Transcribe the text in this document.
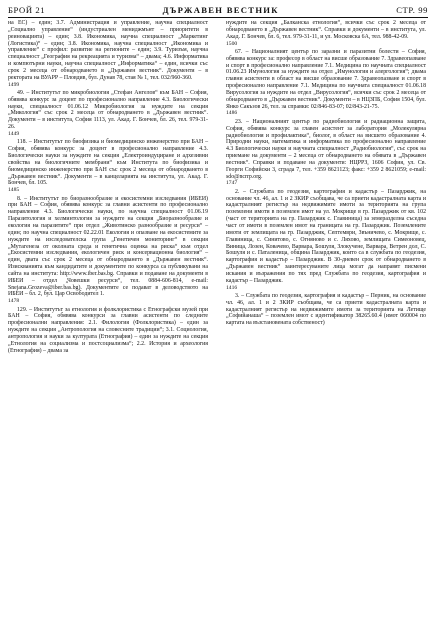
БРОЙ 21	ДЪРЖАВЕН ВЕСТНИК	СТР. 99

на ЕС) – един; 3.7. Администрация и управление, научна специалност „Социално управление“ (индустриален мениджмънт – приоритети в реиновацията) – един; 3.8. Икономика, научна специалност „Маркетинг (Логистика)“ – един; 3.8. Икономика, научна специалност „Икономика и управление“ с профил: развитие на регионите – един; 3.9. Туризъм, научна специалност „География на рекреацията и туризма“ – двама; 4.6. Информатика и компютърни науки, научна специалност „Информатика“ – един, всички със срок 2 месеца от обнародването в „Държавен вестник“. Документи – в ректората на ВУАРР – Пловдив, бул. Дунав 78, стая № 1, тел. 032/960-360.

1499

49. – Институтът по микробиология „Стефан Ангелов“ към БАН – София, обявява конкурс за доцент по професионално направление 4.3. Биологически науки, специалност 01.06.12 Микробиология за нуждите на секция „Микология“ със срок 2 месеца от обнародването в „Държавен вестник“. Документи – в института, София 1113, ул. Акад. Г. Бончев, бл. 26, тел. 979-31-26.

1449

118. – Институтът по биофизика и биомедицинско инженерство при БАН – София, обявява конкурс за доцент в професионално направление 4.3. Биологически науки за нуждите на секция „Електроиндуциране и адхезивни свойства на биологичните мембрани“ към Института по биофизика и биомедицинско инженерство при БАН със срок 2 месеца от обнародването в „Държавен вестник“. Документи – в канцеларията на института, ул. Акад. Г. Бончев, бл. 105.

1485

8. – Институтът по биоразнообразие и екосистемни изследвания (ИБЕИ) при БАН – София, обявява конкурс за главни асистенти по професионално направление 4.3. Биологически науки, по научна специалност 01.06.19 Паразитология и хелминтология за нуждите на секция „Биоразнообразие и екология на паразитите“ при отдел „Животинско разнообразие и ресурси“ – един; по научна специалност 02.22.01 Екология и опазване на екосистемите за нуждите на изследователска група „Генетичен мониторинг“ в секция „Мутагенеза от околната среда и генетична оценка на риска“ към отдел „Екосистемни изследвания, екологичен риск и консервационна биология“ – един, двата със срок 2 месеца от обнародването в „Държавен вестник“. Изискванията към кандидатите и документите по конкурса са публикувани на сайта на института: http://www.iber.bas.bg. Справки и подаване на документи в ИБЕИ – отдел „Човешки ресурси“, тел. 0884-606-814, e-mail: Snejana.Grozeva@iber.bas.bg). Документите се подават в деловодството на ИБЕИ – бл. 2, бул. Цар Освободител 1.

1478

129. – Институтът за етнология и фолклористика с Етнографски музей при БАН – София, обявява конкурси за главни асистенти по следните професионални направления: 2.1. Филология (Фолклористика) – един за нуждите на секция „Антропология на словесните традиции“; 3.1. Социология, антропология и науки за културата (Етнография) – един за нуждите на секция „Етнология на социализма и постсоциализма“; 2.2. История и археология (Етнография) – двама за

нуждите на секция „Балканска етнология“, всички със срок 2 месеца от обнародването в „Държавен вестник“. Справки и документи – в института, ул. Акад. Г. Бончев, бл. 6, тел. 979-31-11, и ул. Московска 6А, тел. 988-42-09.

1500

67. – Националният център по заразни и паразитни болести – София, обявява конкурс за: професор в област на висше образование 7. Здравеопазване и спорт в професионално направление 7.1. Медицина по научната специалност 01.06.23 Имунология за нуждите на отдел „Имунология и алергология“; двама главни асистенти в област на висше образование 7. Здравеопазване и спорт в професионално направление 7.1. Медицина по научната специалност 01.06.18 Вирусология за нуждите на отдел „Вирусология“, всички със срок 2 месеца от обнародването в „Държавен вестник“. Документи – в НЦЗПБ, София 1504, бул. Янко Сакъзов 26, тел. за справки: 02/846-83-07; 02/843-21-75.

1486

23. – Националният център по радиобиология и радиационна защита, София, обявява конкурс за главен асистент за лаборатория „Молекулярна радиобиология и профилактика“, биолог, в област на висшето образование 4. Природни науки, математика и информатика по професионално направление 4.3 Биологически науки и научната специалност „Радиобиология“, със срок на приемане на документи – 2 месеца от обнародването на обявата в „Държавен вестник“. Справки и подаване на документи: НЦРРЗ, 1606 София, ул. Св. Георги Софийски 3, сграда 7, тел. +359 8621123; факс: +359 2 8621059; e-mail: sdo@ncrrp.org.

1747

2. – Службата по геодезия, картография и кадастър – Пазарджик, на основание чл. 46, ал. 1 и 2 ЗКИР съобщава, че са приети кадастралната карта и кадастралният регистър на недвижимите имоти за територията на група поземлени имоти в поземлен имот на ул. Мокрище в гр. Пазарджик от кв. 102 (част от територията на гр. Пазарджик с. Главиница) за земеразделна съседна част от имоти в поземлен имот на границата на гр. Пазарджик. Поземлените имоти от землищата на гр. Пазарджик, Септември, Звъничево, с. Мокрище, с. Главиница, с. Синитово, с. Огняново и с. Ляхово, землищата Симеоновец, Виница, Лозен, Ковачево, Варвара, Бошуля, Злокучене, Варвара, Ветрен дол, С. Бошуля и с. Паталеница, община Пазарджик, които са в службата по геодезия, картография и кадастър – Пазарджик. В 30-дневен срок от обнародването в „Държавен вестник“ заинтересуваните лица могат да направят писмени искания и възражения по тях пред Службата по геодезия, картография и кадастър – Пазарджик.

1416

3. – Службата по геодезия, картография и кадастър – Перник, на основание чл. 46, ал. 1 и 2 ЗКИР съобщава, че са приети кадастралната карта и кадастралният регистър на недвижимите имоти за територията на Летище „Софийанаша“ – поземлен имот с идентификатор 38265.60.4 (имот 060004 по картата на възстановената собственост)
